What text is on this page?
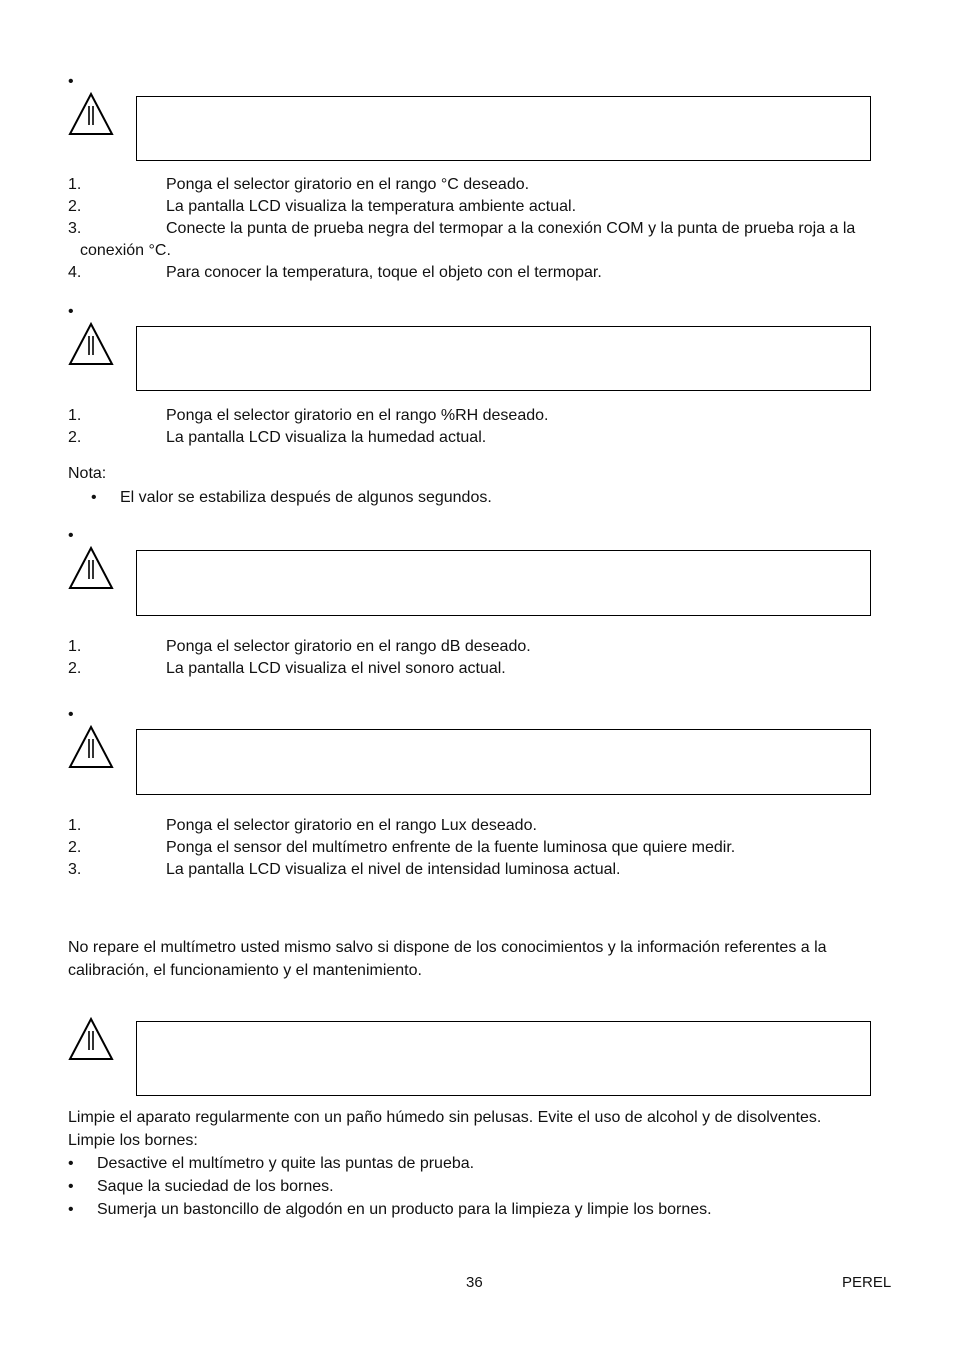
•
1.	Ponga el selector giratorio en el rango °C deseado.
2.	La pantalla LCD visualiza la temperatura ambiente actual.
3.	Conecte la punta de prueba negra del termopar a la conexión COM y la punta de prueba roja a la
conexión °C.
4.	Para conocer la temperatura, toque el objeto con el termopar.
•
1.	Ponga el selector giratorio en el rango %RH deseado.
2.	La pantalla LCD visualiza la humedad actual.
Nota:
• El valor se estabiliza después de algunos segundos.
•
1.	Ponga el selector giratorio en el rango dB deseado.
2.	La pantalla LCD visualiza el nivel sonoro actual.
•
1.	Ponga el selector giratorio en el rango Lux deseado.
2.	Ponga el sensor del multímetro enfrente de la fuente luminosa que quiere medir.
3.	La pantalla LCD visualiza el nivel de intensidad luminosa actual.
No repare el multímetro usted mismo salvo si dispone de los conocimientos y la información referentes a la
calibración, el funcionamiento y el mantenimiento.
Limpie el aparato regularmente con un paño húmedo sin pelusas. Evite el uso de alcohol y de disolventes.
Limpie los bornes:
• Desactive el multímetro y quite las puntas de prueba.
• Saque la suciedad de los bornes.
• Sumerja un bastoncillo de algodón en un producto para la limpieza y limpie los bornes.
36	PEREL
